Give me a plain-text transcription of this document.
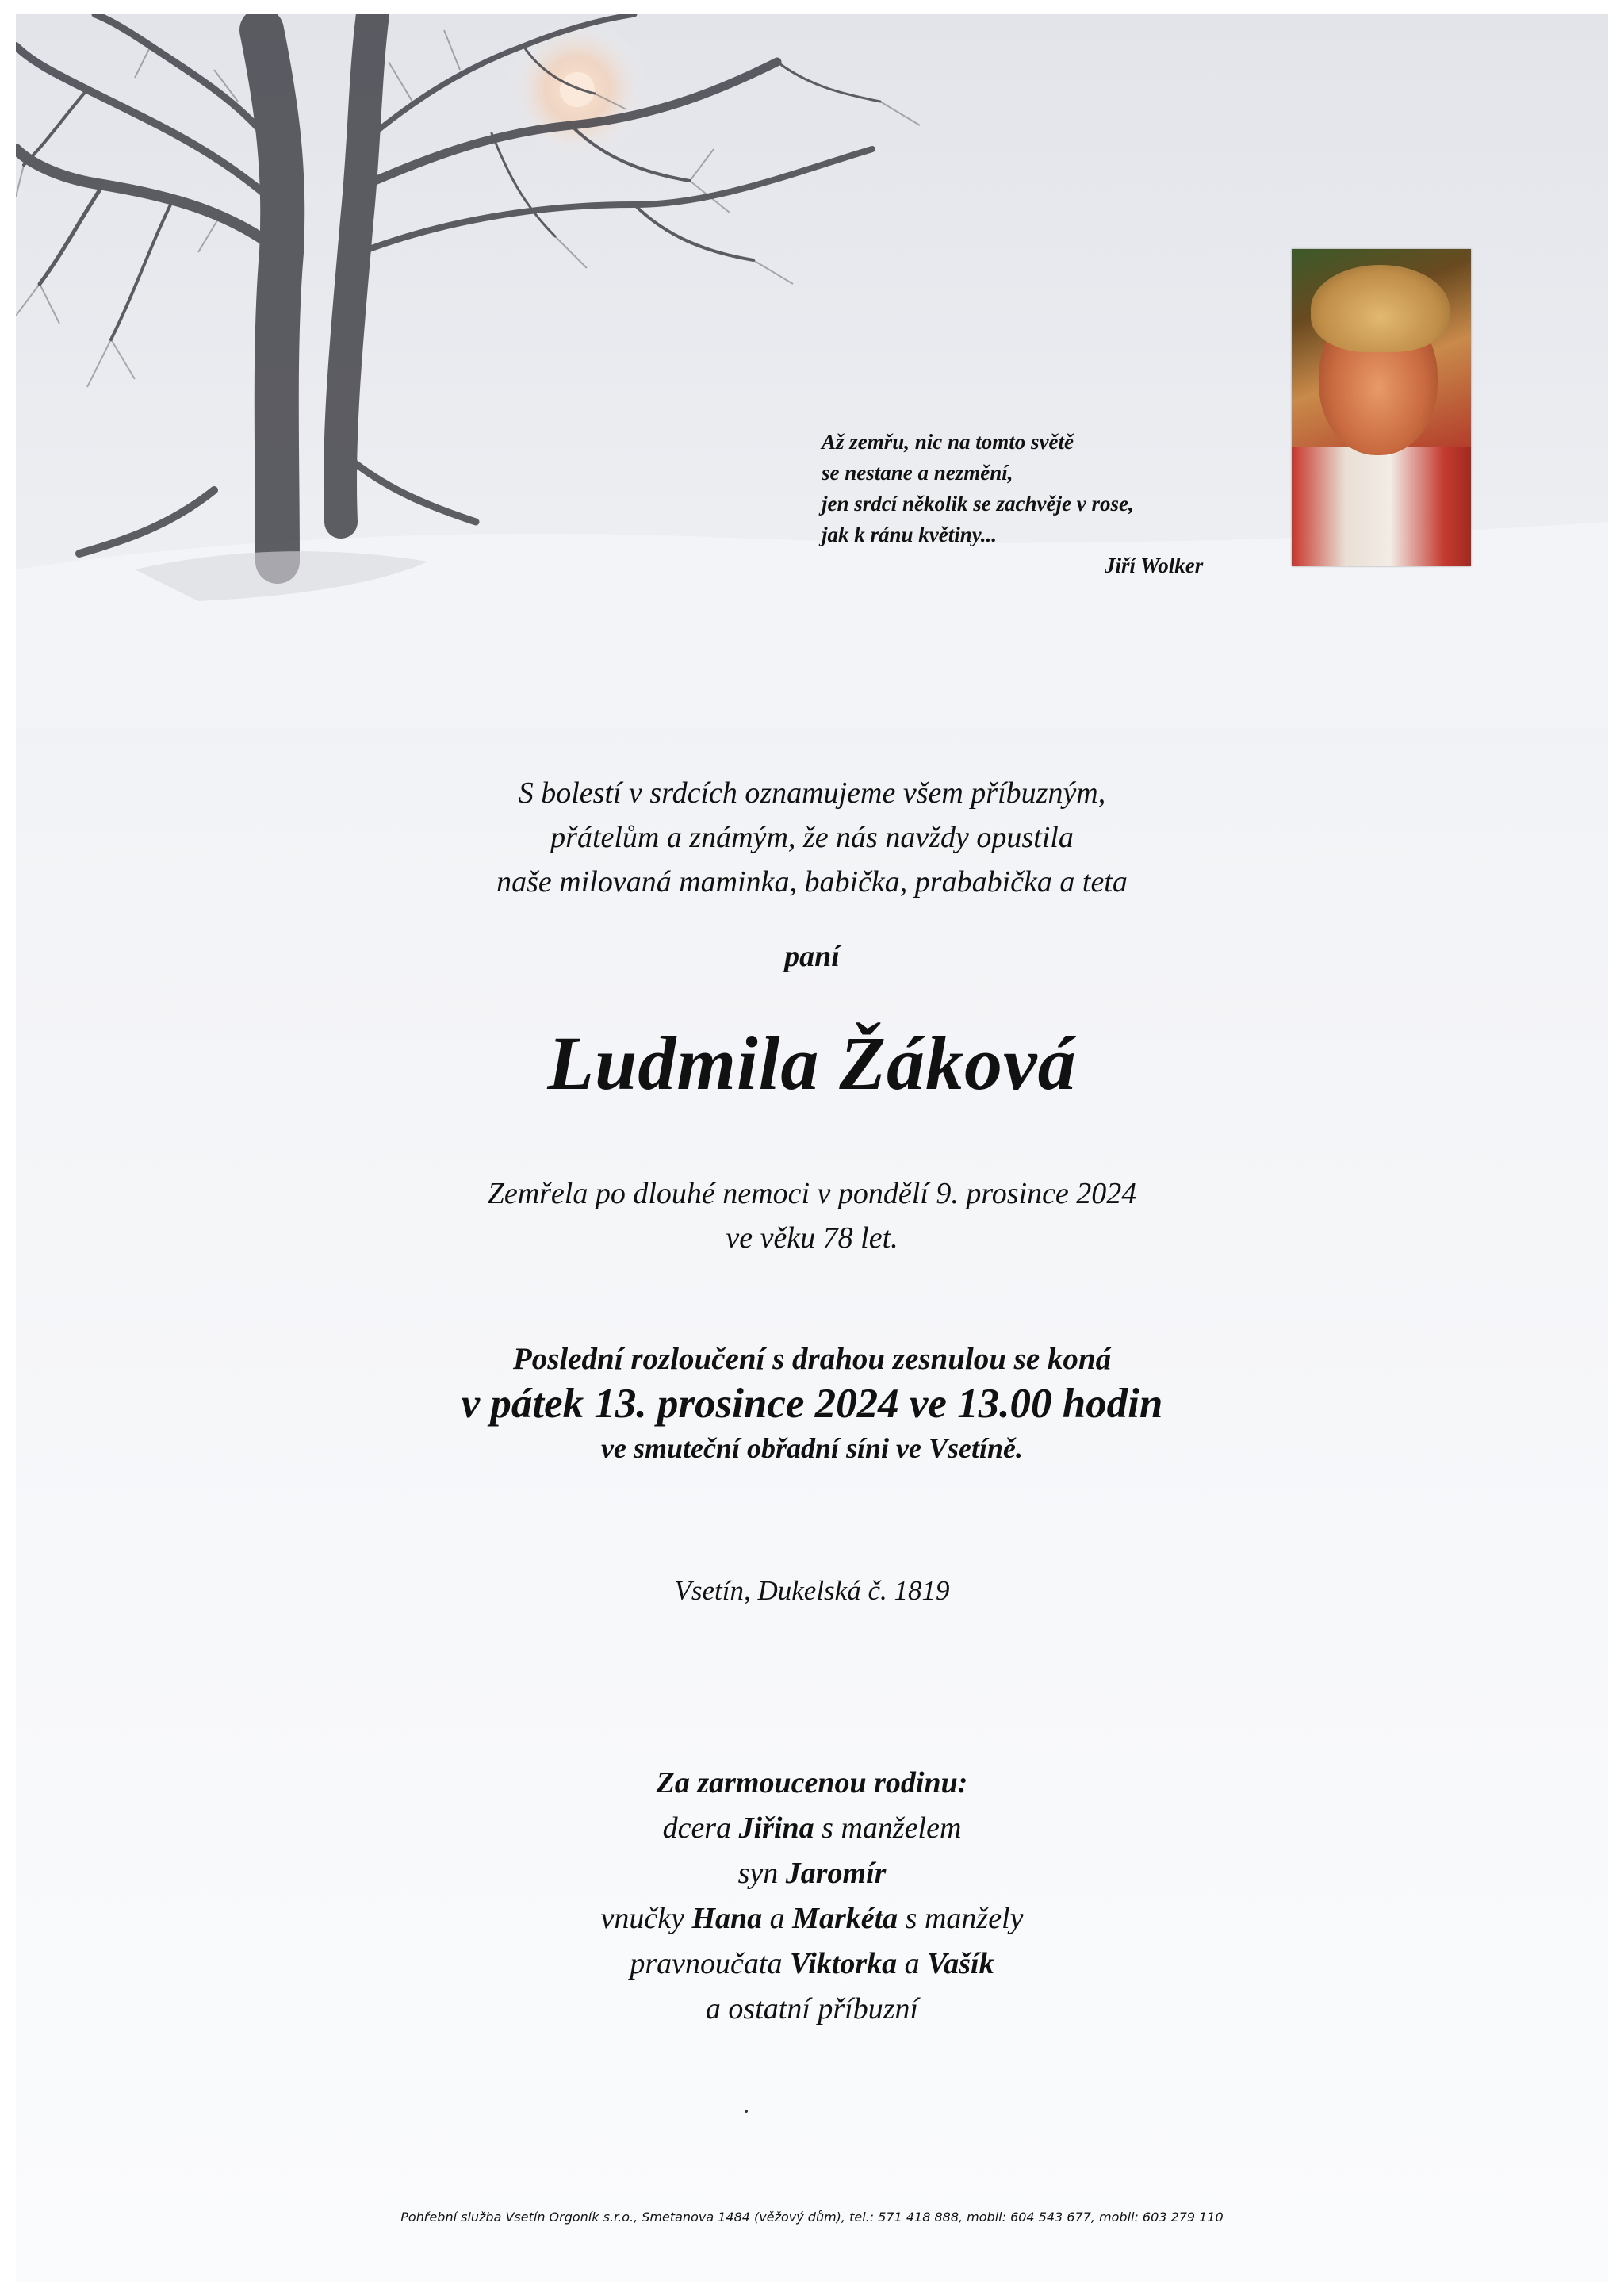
Až zemřu, nic na tomto světě
se nestane a nezmění,
jen srdcí několik se zachvěje v rose,
jak k ránu květiny...
Jiří Wolker
S bolestí v srdcích oznamujeme všem příbuzným,
přátelům a známým, že nás navždy opustila
naše milovaná maminka, babička, prababička a teta
paní
Ludmila Žáková
Zemřela po dlouhé nemoci v pondělí 9. prosince 2024
ve věku 78 let.
Poslední rozloučení s drahou zesnulou se koná
v pátek 13. prosince 2024 ve 13.00 hodin
ve smuteční obřadní síni ve Vsetíně.
Vsetín, Dukelská č. 1819
Za zarmoucenou rodinu:
dcera Jiřina s manželem
syn Jaromír
vnučky Hana a Markéta s manžely
pravnoučata Viktorka a Vašík
a ostatní příbuzní
Pohřební služba Vsetín Orgoník s.r.o., Smetanova 1484 (věžový dům), tel.: 571 418 888, mobil: 604 543 677, mobil: 603 279 110
